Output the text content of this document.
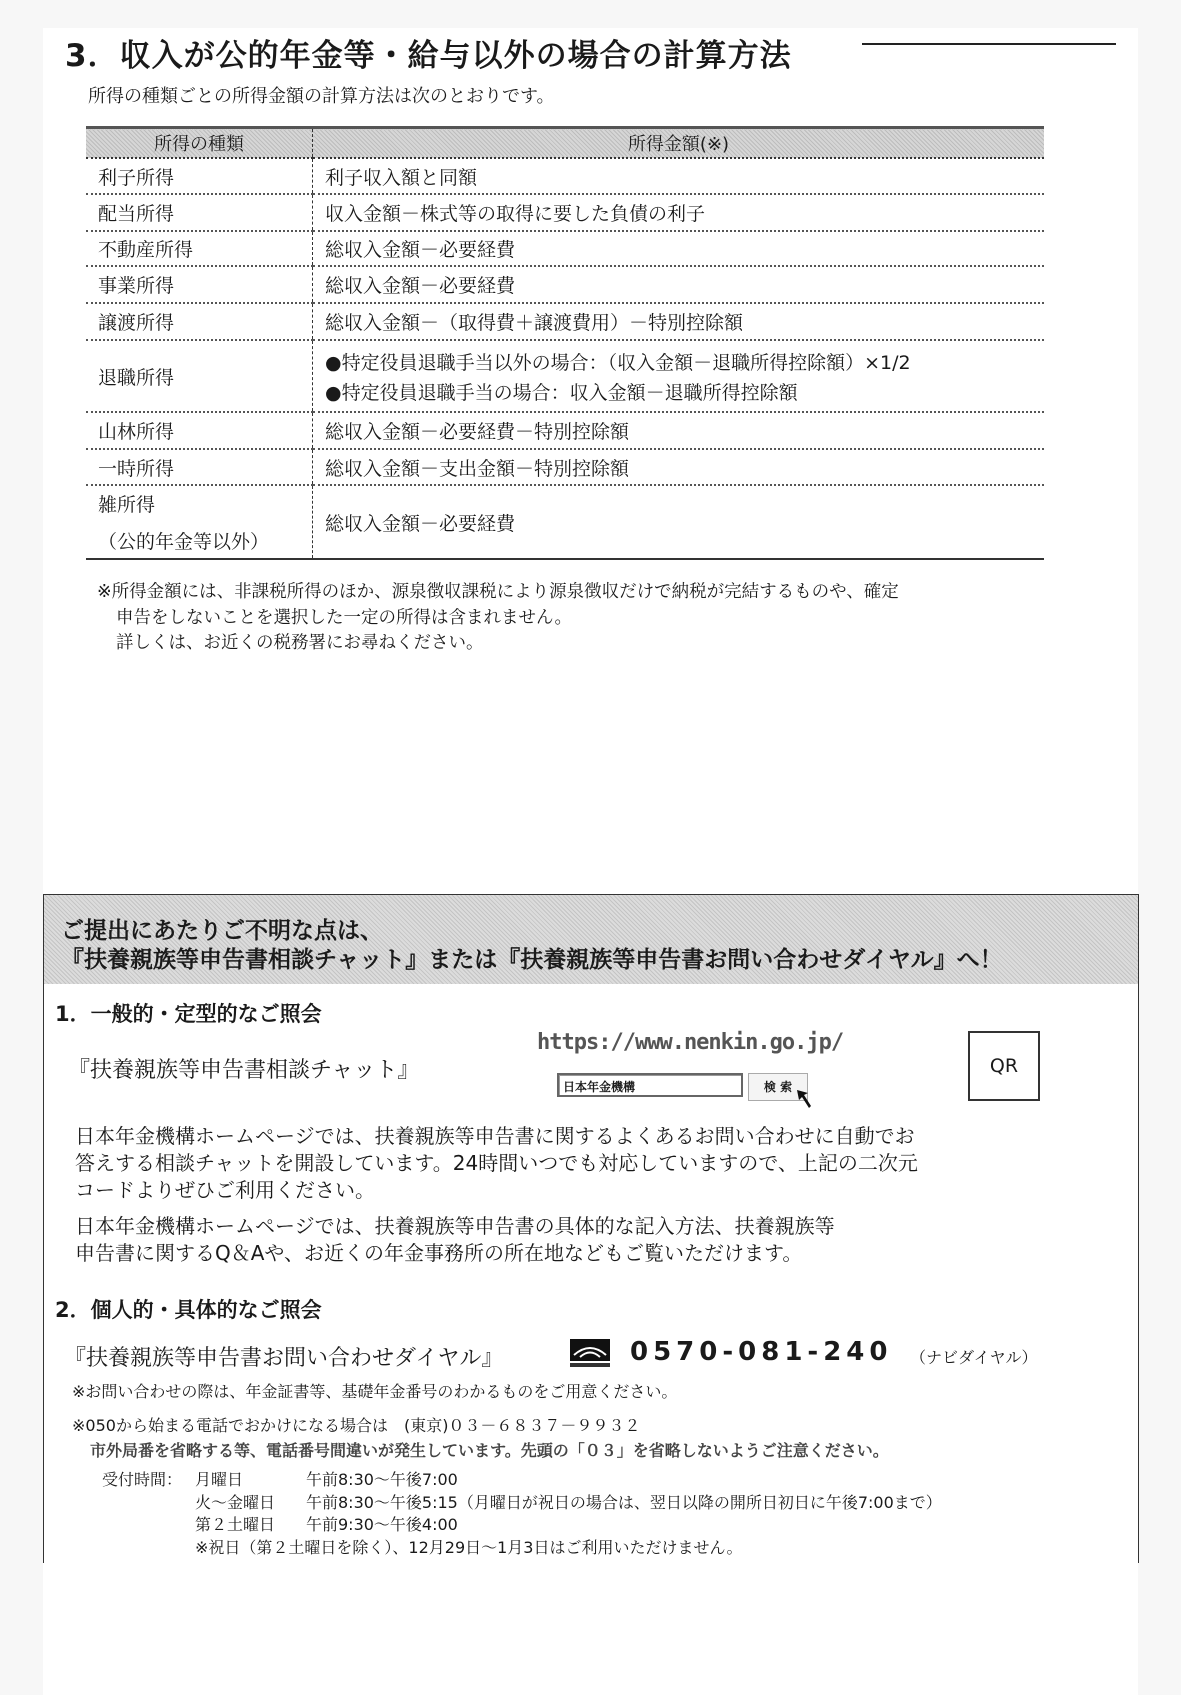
3．収入が公的年金等・給与以外の場合の計算方法
所得の種類ごとの所得金額の計算方法は次のとおりです。
所得の種類	所得金額(※)
利子所得	利子収入額と同額
配当所得	収入金額－株式等の取得に要した負債の利子
不動産所得	総収入金額－必要経費
事業所得	総収入金額－必要経費
譲渡所得	総収入金額－（取得費＋譲渡費用）－特別控除額
退職所得	●特定役員退職手当以外の場合：（収入金額－退職所得控除額）×1/2
●特定役員退職手当の場合：収入金額－退職所得控除額

山林所得	総収入金額－必要経費－特別控除額
一時所得	総収入金額－支出金額－特別控除額

雑所得
（公的年金等以外）	総収入金額－必要経費
※所得金額には、非課税所得のほか、源泉徴収課税により源泉徴収だけで納税が完結するものや、確定
申告をしないことを選択した一定の所得は含まれません。
詳しくは、お近くの税務署にお尋ねください。
ご提出にあたりご不明な点は、
『扶養親族等申告書相談チャット』または『扶養親族等申告書お問い合わせダイヤル』へ！
1．一般的・定型的なご照会
『扶養親族等申告書相談チャット』
https://www.nenkin.go.jp/
日本年金機構	検 索
QR
日本年金機構ホームページでは、扶養親族等申告書に関するよくあるお問い合わせに自動でお
答えする相談チャットを開設しています。24時間いつでも対応していますので、上記の二次元
コードよりぜひご利用ください。
日本年金機構ホームページでは、扶養親族等申告書の具体的な記入方法、扶養親族等
申告書に関するQ＆Aや、お近くの年金事務所の所在地などもご覧いただけます。
2．個人的・具体的なご照会
『扶養親族等申告書お問い合わせダイヤル』	0570-081-240 （ナビダイヤル）
※お問い合わせの際は、年金証書等、基礎年金番号のわかるものをご用意ください。
※050から始まる電話でおかけになる場合は　(東京)０３－６８３７－９９３２
市外局番を省略する等、電話番号間違いが発生しています。先頭の「０３」を省略しないようご注意ください。
受付時間： 月曜日	午前8:30～午後7:00
火～金曜日 午前8:30～午後5:15（月曜日が祝日の場合は、翌日以降の開所日初日に午後7:00まで）
第２土曜日 午前9:30～午後4:00
※祝日（第２土曜日を除く）、12月29日～1月3日はご利用いただけません。
